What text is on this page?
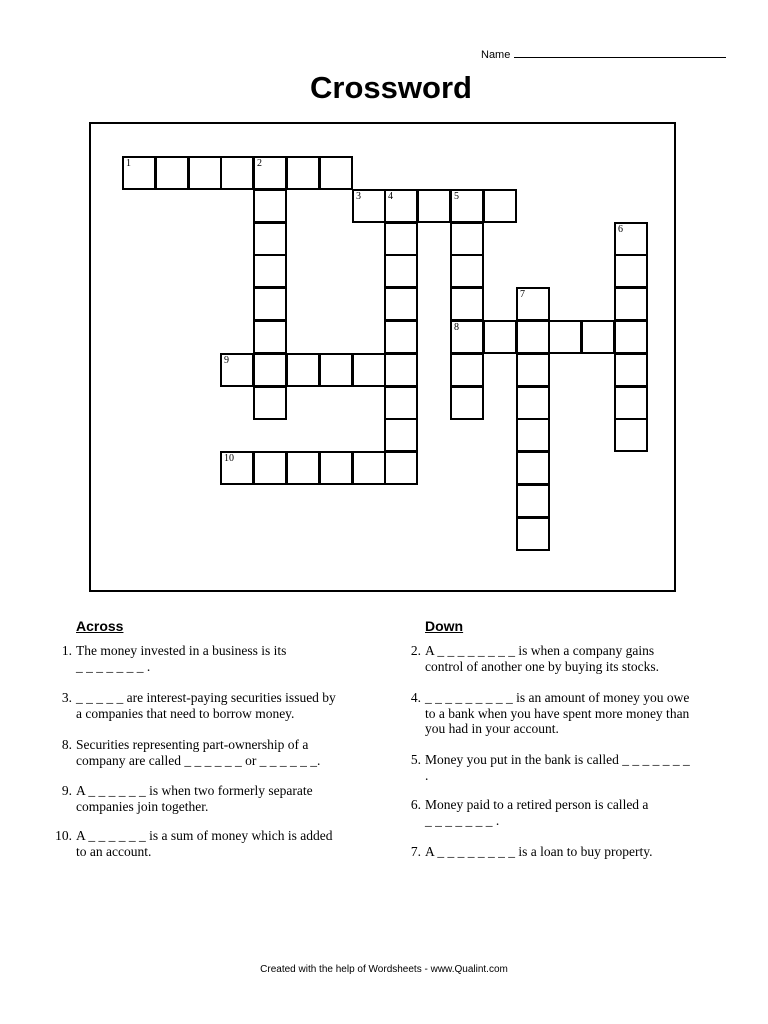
Name
Crossword
1	2
3	4	5
6
7
8
9
10
Across
1. The money invested in a business is its
_ _ _ _ _ _ _ .
3. _ _ _ _ _ are interest-paying securities issued by
a companies that need to borrow money.
8. Securities representing part-ownership of a
company are called _ _ _ _ _ _ or _ _ _ _ _ _.
9. A _ _ _ _ _ _ is when two formerly separate
companies join together.
10. A _ _ _ _ _ _ is a sum of money which is added
to an account.
Down
2. A _ _ _ _ _ _ _ _ is when a company gains
control of another one by buying its stocks.
4. _ _ _ _ _ _ _ _ _ is an amount of money you owe
to a bank when you have spent more money than
you had in your account.
5. Money you put in the bank is called _ _ _ _ _ _ _
.
6. Money paid to a retired person is called a
_ _ _ _ _ _ _ .
7. A _ _ _ _ _ _ _ _ is a loan to buy property.
Created with the help of Wordsheets - www.Qualint.com
